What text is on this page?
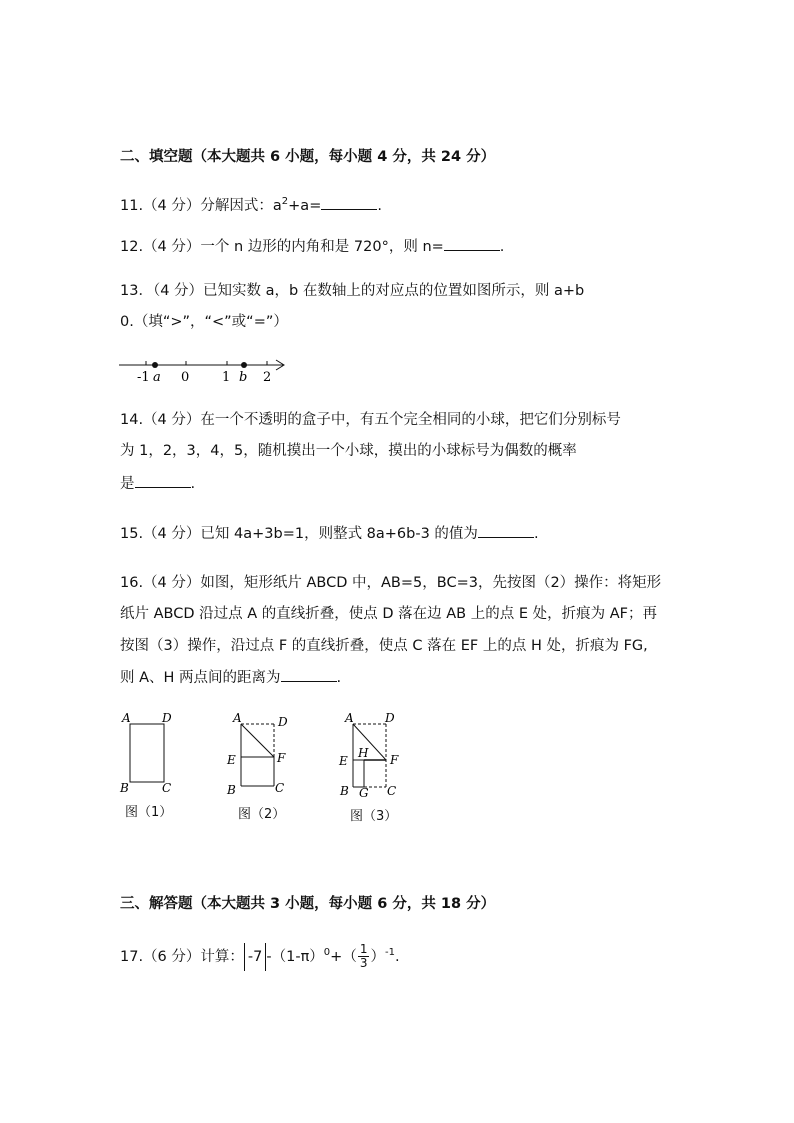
二、填空题（本大题共 6 小题，每小题 4 分，共 24 分）
11.（4 分）分解因式：$a^2+a=$	.
12.（4 分）一个 n 边形的内角和是 720°，则 n=	.
13．（4 分）已知实数 a，b 在数轴上的对应点的位置如图所示，则 a+b
0.（填“>”，“<”或“=”）
-1 a 0	1 b 2
14.（4 分）在一个不透明的盒子中，有五个完全相同的小球，把它们分别标号
为 1，2，3，4，5，随机摸出一个小球，摸出的小球标号为偶数的概率
是	.
15.（4 分）已知 4a+3b=1，则整式 8a+6b-3 的值为	.
16.（4 分）如图，矩形纸片 ABCD 中，AB=5，BC=3，先按图（2）操作：将矩形
纸片 ABCD 沿过点 A 的直线折叠，使点 D 落在边 AB 上的点 E 处，折痕为 AF；再
按图（3）操作，沿过点 F 的直线折叠，使点 C 落在 EF 上的点 H 处，折痕为 FG,
则 A、H 两点间的距离为	.
A	D
B	C
图（1）
A	D
E	F
B	C
图（2）
A	D
H
E	F
B G C
图（3）
三、解答题（本大题共 3 小题，每小题 6 分，共 18 分）
17.（6 分）计算： -7 $-(1-\pi)^0+( \frac{1}{3} )^{-1}$.
